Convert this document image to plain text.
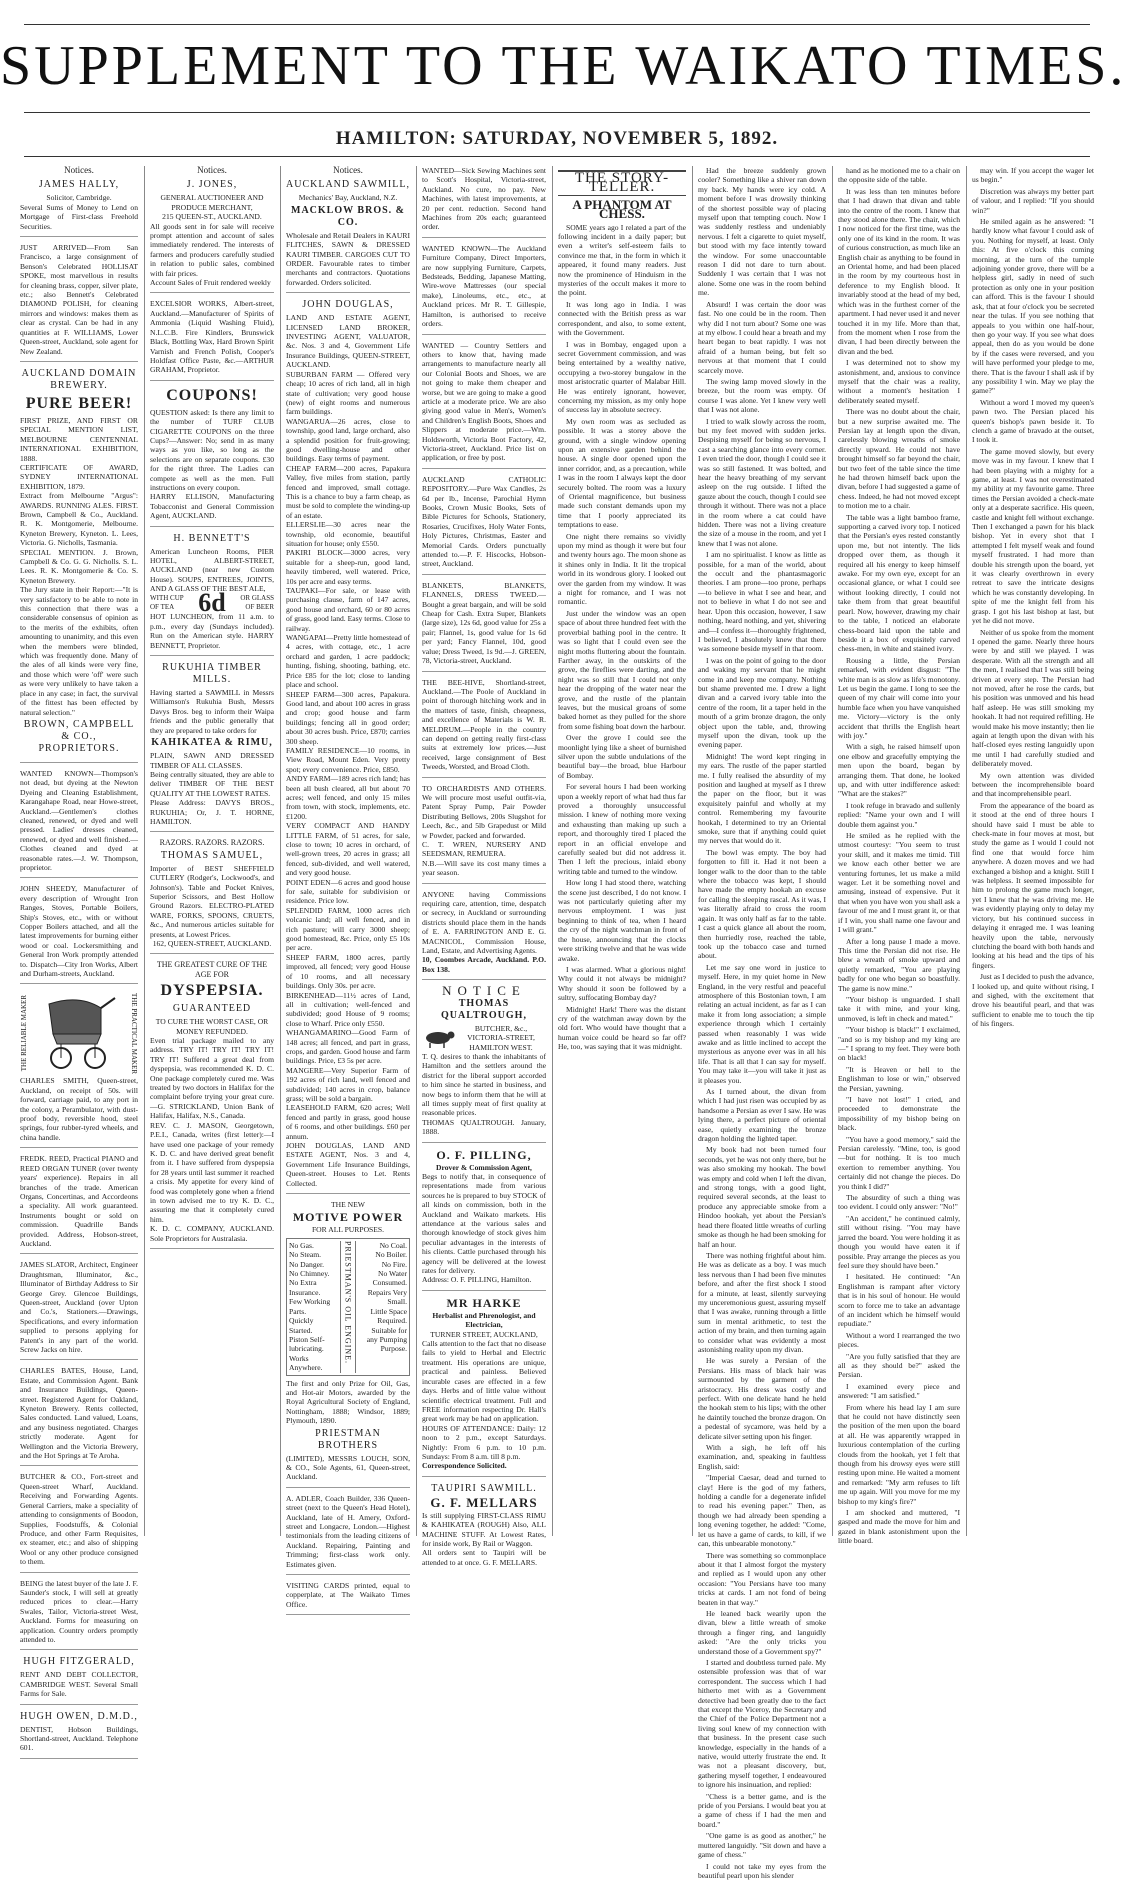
SUPPLEMENT TO THE WAIKATO TIMES.
HAMILTON: SATURDAY, NOVEMBER 5, 1892.
Notices.
JAMES HALLY,
Solicitor, Cambridge.

Several Sums of Money to Lend on Mortgage of First-class Freehold Securities.

JUST ARRIVED—From San Francisco, a large consignment of Benson's Celebrated HOLLISAT SPOKE, most marvellous in results for cleaning brass, copper, silver plate, etc.; also Bennett's Celebrated DIAMOND POLISH, for cleaning mirrors and windows: makes them as clear as crystal. Can be had in any quantities at F. WILLIAMS, Lower Queen-street, Auckland, sole agent for New Zealand.

AUCKLAND DOMAIN BREWERY.
PURE BEER!

FIRST PRIZE, AND FIRST OR SPECIAL MENTION LIST, MELBOURNE CENTENNIAL INTERNATIONAL EXHIBITION, 1888.

CERTIFICATE OF AWARD, SYDNEY INTERNATIONAL EXHIBITION, 1879.

Extract from Melbourne "Argus": AWARDS. RUNNING ALES. FIRST. Brown, Campbell & Co., Auckland. R. K. Montgomerie, Melbourne. Kyneton Brewery, Kyneton. L. Lees, Victoria. G. Nicholls, Tasmania.

SPECIAL MENTION. J. Brown, Campbell & Co. G. G. Nicholls. S. L. Lees. R. K. Montgomerie & Co. S. Kyneton Brewery.

The Jury state in their Report:—"It is very satisfactory to be able to note in this connection that there was a considerable consensus of opinion as to the merits of the exhibits, often amounting to unanimity, and this even when the members were blinded, which was frequently done. Many of the ales of all kinds were very fine, and those which were 'off' were such as were very unlikely to have taken a place in any case; in fact, the survival of the fittest has been effected by natural selection."

BROWN, CAMPBELL & CO., PROPRIETORS.

WANTED KNOWN—Thompson's not dead, but dyeing at the Newton Dyeing and Cleaning Establishment, Karangahape Road, near Howe-street, Auckland.—Gentlemen's clothes cleaned, renewed, or dyed and well pressed. Ladies' dresses cleaned, renewed, or dyed and well finished.—Clothes cleaned and dyed at reasonable rates.—J. W. Thompson, proprietor.

JOHN SHEEDY, Manufacturer of every description of Wrought Iron Ranges, Stoves, Portable Boilers, Ship's Stoves, etc., with or without Copper Boilers attached, and all the latest improvements for burning either wood or coal. Lockersmithing and General Iron Work promptly attended to. Dispatch—City Iron Works, Albert and Durham-streets, Auckland.

THE RELIABLE MAKER	THE PRACTICAL MAKER

CHARLES SMITH, Queen-street, Auckland, on receipt of 50s. will forward, carriage paid, to any port in the colony, a Perambulator, with dust-proof body, reversible hood, steel springs, four rubber-tyred wheels, and china handle.

FREDK. REED, Practical PIANO and REED ORGAN TUNER (over twenty years' experience). Repairs in all branches of the trade. American Organs, Concertinas, and Accordeons a speciality. All work guaranteed. Instruments bought or sold on commission. Quadrille Bands provided. Address, Hobson-street, Auckland.

JAMES SLATOR, Architect, Engineer Draughtsman, Illuminator, &c., Illuminator of Birthday Address to Sir George Grey. Glencoe Buildings, Queen-street, Auckland (over Upton and Co.'s, Stationers.—Drawings, Specifications, and every information supplied to persons applying for Patent's in any part of the world. Screw Jacks on hire.

CHARLES BATES, House, Land, Estate, and Commission Agent. Bank and Insurance Buildings, Queen-street. Registered Agent for Oakland, Kyneton Brewery. Rents collected, Sales conducted. Land valued, Loans, and any business negotiated. Charges strictly moderate. Agent for Wellington and the Victoria Brewery, and the Hot Springs at Te Aroha.

BUTCHER & CO., Fort-street and Queen-street Wharf, Auckland. Receiving and Forwarding Agents. General Carriers, make a speciality of attending to consignments of Boodon, Supplies, Foodstuffs, & Colonial Produce, and other Farm Requisites, ex steamer, etc.; and also of shipping Wool or any other produce consigned to them.

BEING the latest buyer of the late J. F. Saunder's stock, I will sell at greatly reduced prices to clear.—Harry Swales, Tailor, Victoria-street West, Auckland. Forms for measuring on application. Country orders promptly attended to.

HUGH FITZGERALD,

RENT AND DEBT COLLECTOR, CAMBRIDGE WEST. Several Small Farms for Sale.

HUGH OWEN, D.M.D.,

DENTIST, Hobson Buildings, Shortland-street, Auckland. Telephone 601.

Notices.
J. JONES,
GENERAL AUCTIONEER AND PRODUCE MERCHANT,
215 QUEEN-ST., AUCKLAND.

All goods sent in for sale will receive prompt attention and account of sales immediately rendered. The interests of farmers and producers carefully studied in relation to public sales, combined with fair prices.

Account Sales of Fruit rendered weekly

EXCELSIOR WORKS, Albert-street, Auckland.—Manufacturer of Spirits of Ammonia (Liquid Washing Fluid), N.L.C.B. Fire Kindlers, Brunswick Black, Bottling Wax, Hard Brown Spirit Varnish and French Polish, Cooper's Holdfast Office Paste, &c.—ARTHUR GRAHAM, Proprietor.

COUPONS!

QUESTION asked: Is there any limit to the number of TURF CLUB CIGARETTE COUPONS on the three Cups?—Answer: No; send in as many ways as you like, so long as the selections are on separate coupons. £30 for the right three. The Ladies can compete as well as the men. Full instructions on every coupon.

HARRY ELLISON, Manufacturing Tobacconist and General Commission Agent, AUCKLAND.

H. BENNETT'S

American Luncheon Rooms, PIER HOTEL, ALBERT-STREET, AUCKLAND (near new Custom House). SOUPS, ENTREES, JOINTS, AND A GLASS OF THE BEST ALE,

WITH CUP OF TEA 6d	OR GLASS OF BEER

HOT LUNCHEON, from 11 a.m. to p.m., every day (Sundays included). Run on the American style. HARRY BENNETT, Proprietor.

RUKUHIA TIMBER MILLS.

Having started a SAWMILL in Messrs Williamson's Rukuhia Bush, Messrs Davys Bros. beg to inform their Waipa friends and the public generally that they are prepared to take orders for

KAHIKATEA & RIMU,

PLAIN, SAWN AND DRESSED TIMBER OF ALL CLASSES.

Being centrally situated, they are able to deliver TIMBER OF THE BEST QUALITY AT THE LOWEST RATES.

Please Address: DAVYS BROS., RUKUHIA; Or, J. T. HORNE, HAMILTON.

RAZORS. RAZORS. RAZORS.
THOMAS SAMUEL,

Importer of BEST SHEFFIELD CUTLERY (Rodger's, Lockwood's, and Johnson's). Table and Pocket Knives, Superior Scissors, and Best Hollow Ground Razors. ELECTRO-PLATED WARE, FORKS, SPOONS, CRUETS, &c., And numerous articles suitable for presents, at Lowest Prices.

162, QUEEN-STREET, AUCKLAND.
THE GREATEST CURE OF THE AGE FOR
DYSPEPSIA.
GUARANTEED
TO CURE THE WORST CASE, OR MONEY REFUNDED.

Even trial package mailed to any address. TRY IT! TRY IT! TRY IT! TRY IT! Suffered a great deal from dyspepsia, was recommended K. D. C. One package completely cured me. Was treated by two doctors in Halifax for the complaint before trying your great cure.—G. STRICKLAND, Union Bank of Halifax, Halifax, N.S., Canada.

REV. C. J. MASON, Georgetown, P.E.I., Canada, writes (first letter):—I have used one package of your remedy K. D. C. and have derived great benefit from it. I have suffered from dyspepsia for 28 years until last summer it reached a crisis. My appetite for every kind of food was completely gone when a friend in town advised me to try K. D. C., assuring me that it completely cured him.

K. D. C. COMPANY, AUCKLAND. Sole Proprietors for Australasia.

Notices.
AUCKLAND SAWMILL,
Mechanics' Bay, Auckland, N.Z.
MACKLOW BROS. & CO.

Wholesale and Retail Dealers in KAURI FLITCHES, SAWN & DRESSED KAURI TIMBER. CARGOES CUT TO ORDER. Favourable rates to timber merchants and contractors. Quotations forwarded. Orders solicited.

JOHN DOUGLAS,

LAND AND ESTATE AGENT, LICENSED LAND BROKER, INVESTING AGENT, VALUATOR, &c. Nos. 3 and 4, Government Life Insurance Buildings, QUEEN-STREET, AUCKLAND.

SUBURBAN FARM — Offered very cheap; 10 acres of rich land, all in high state of cultivation; very good house (new) of eight rooms and numerous farm buildings.

WANGARUA—26 acres, close to township, good land, large orchard, also a splendid position for fruit-growing; good dwelling-house and other buildings. Easy terms of payment.

CHEAP FARM—200 acres, Papakura Valley, five miles from station, partly fenced and improved, small cottage. This is a chance to buy a farm cheap, as must be sold to complete the winding-up of an estate.

ELLERSLIE—30 acres near the township, old economie, beautiful situation for house; only £550.

PAKIRI BLOCK—3000 acres, very suitable for a sheep-run, good land, heavily timbered, well watered. Price, 10s per acre and easy terms.

TAUPAKI—For sale, or lease with purchasing clause, farm of 147 acres, good house and orchard, 60 or 80 acres of grass, good land. Easy terms. Close to railway.

WANGAPAI—Pretty little homestead of 4 acres, with cottage, etc., 1 acre orchard and garden, 1 acre paddock; hunting, fishing, shooting, bathing, etc. Price £85 for the lot; close to landing place and school.

SHEEP FARM—300 acres, Papakura. Good land, and about 100 acres in grass and crop; good house and farm buildings; fencing all in good order; about 30 acres bush. Price, £870; carries 300 sheep.

FAMILY RESIDENCE—10 rooms, in View Road, Mount Eden. Very pretty spot; every convenience. Price, £850.

ANDY FARM—189 acres rich land; has been all bush cleared, all but about 70 acres; well fenced, and only 15 miles from town, with stock, implements, etc. £1200.

VERY COMPACT AND HANDY LITTLE FARM, of 51 acres, for sale, close to town; 10 acres in orchard, of well-grown trees, 20 acres in grass; all fenced, sub-divided, and well watered, and very good house.

POINT EDEN—6 acres and good house for sale, suitable for subdivision or residence. Price low.

SPLENDID FARM, 1000 acres rich volcanic land; all well fenced, and in rich pasture; will carry 3000 sheep; good homestead, &c. Price, only £5 10s per acre.

SHEEP FARM, 1800 acres, partly improved, all fenced; very good House of 10 rooms, and all necessary buildings. Only 30s. per acre.

BIRKENHEAD—11½ acres of Land, all in cultivation; well-fenced and subdivided; good House of 9 rooms; close to Wharf. Price only £550.

WHANGAMARINO—Good Farm of 148 acres; all fenced, and part in grass, crops, and garden. Good house and farm buildings. Price, £3 5s per acre.

MANGERE—Very Superior Farm of 192 acres of rich land, well fenced and subdivided; 140 acres in crop, balance grass; will be sold a bargain.

LEASEHOLD FARM, 620 acres; Well fenced and partly in grass, good house of 6 rooms, and other buildings. £60 per annum.

JOHN DOUGLAS, LAND AND ESTATE AGENT, Nos. 3 and 4, Government Life Insurance Buildings, Queen-street. Houses to Let. Rents Collected.

THE NEW
MOTIVE POWER
FOR ALL PURPOSES.
No Gas.
No Steam.
No Danger.
No Chimney.
No Extra Insurance.
Few Working Parts.
Quickly Started.
Piston Self-lubricating.
Works Anywhere.
PRIESTMAN'S OIL ENGINE.	No Coal.
No Boiler.
No Fire.
No Water Consumed.
Repairs Very Small.
Little Space Required.
Suitable for any Pumping Purpose.

The first and only Prize for Oil, Gas, and Hot-air Motors, awarded by the Royal Agricultural Society of England, Nottingham, 1888; Windsor, 1889; Plymouth, 1890.

PRIESTMAN BROTHERS

(LIMITED), MESSRS LOUCH, SON, & CO., Sole Agents, 61, Queen-street, Auckland.

A. ADLER, Coach Builder, 336 Queen-street (next to the Queen's Head Hotel), Auckland, late of H. Amery, Oxford-street and Longacre, London.—Highest testimonials from the leading citizens of Auckland. Repairing, Painting and Trimming; first-class work only. Estimates given.

VISITING CARDS printed, equal to copperplate, at The Waikato Times Office.

WANTED—Sick Sewing Machines sent to Scott's Hospital, Victoria-street, Auckland. No cure, no pay. New Machines, with latest improvements, at 20 per cent. reduction. Second hand Machines from 20s each; guaranteed order.

WANTED KNOWN—The Auckland Furniture Company, Direct Importers, are now supplying Furniture, Carpets, Bedsteads, Bedding, Japanese Matting, Wire-wove Mattresses (our special make), Linoleums, etc., etc., at Auckland prices. Mr R. T. Gillespie, Hamilton, is authorised to receive orders.

WANTED — Country Settlers and others to know that, having made arrangements to manufacture nearly all our Colonial Boots and Shoes, we are not going to make them cheaper and worse, but we are going to make a good article at a moderate price. We are also giving good value in Men's, Women's and Children's English Boots, Shoes and Slippers at moderate price.—Wm. Holdsworth, Victoria Boot Factory, 42, Victoria-street, Auckland. Price list on application, or free by post.

AUCKLAND CATHOLIC REPOSITORY.—Pure Wax Candles, 2s 6d per lb., Incense, Parochial Hymn Books, Crown Music Books, Sets of Bible Pictures for Schools, Stationery, Rosaries, Crucifixes, Holy Water Fonts, Holy Pictures, Christmas, Easter and Memorial Cards. Orders punctually attended to.—P. F. Hiscocks, Hobson-street, Auckland.

BLANKETS, BLANKETS, FLANNELS, DRESS TWEED.—Bought a great bargain, and will be sold Cheap for Cash. Extra Super, Blankets (large size), 12s 6d, good value for 25s a pair; Flannel, 1s, good value for 1s 6d per yard; Fancy Flannel, 10d, good value; Dress Tweed, 1s 9d.—J. GREEN, 78, Victoria-street, Auckland.

THE BEE-HIVE, Shortland-street, Auckland.—The Poole of Auckland in point of thorough hitching work and in the matters of taste, finish, cheapness, and excellence of Materials is W. R. MELDRUM.—People in the country can depend on getting really first-class suits at extremely low prices.—Just received, large consignment of Best Tweeds, Worsted, and Broad Cloth.

TO ORCHARDISTS AND OTHERS. We will procure most useful outfit-via, Patent Spray Pump, Pair Powder Distributing Bellows, 200s Slugshot for Leech, &c., and 5lb Grapedust or Mild w Powder, packed and forwarded.

C. T. WREN, NURSERY AND SEEDSMAN, REMUERA.

N.B.—Will save its cost many times a year season.

ANYONE having Commissions requiring care, attention, time, despatch or secrecy, in Auckland or surrounding districts should place them in the hands of E. A. FARRINGTON AND E. G. MACNICOL, Commission House, Land, Estate, and Advertising Agents.

10, Coombes Arcade, Auckland. P.O. Box 138.

NOTICE
THOMAS QUALTROUGH,
BUTCHER, &c., VICTORIA-STREET, HAMILTON WEST.

T. Q. desires to thank the inhabitants of Hamilton and the settlers around the district for the liberal support accorded to him since he started in business, and now begs to inform them that he will at all times supply meat of first quality at reasonable prices.

THOMAS QUALTROUGH. January, 1888.

O. F. PILLING,
Drover & Commission Agent,

Begs to notify that, in consequence of representations made from various sources he is prepared to buy STOCK of all kinds on commission, both in the Auckland and Waikato markets. His attendance at the various sales and thorough knowledge of stock gives him peculiar advantages in the interests of his clients. Cattle purchased through his agency will be delivered at the lowest rates for delivery.

Address: O. F. PILLING, Hamilton.

MR HARKE
Herbalist and Phrenologist, and Electrician,
TURNER STREET, AUCKLAND,

Calls attention to the fact that no disease fails to yield to Herbal and Electric treatment. His operations are unique, practical and painless. Believed incurable cases are effected in a few days. Herbs and of little value without scientific electrical treatment. Full and FREE information respecting Dr. Hall's great work may be had on application.

HOURS OF ATTENDANCE: Daily: 12 noon to 2 p.m., except Saturdays. Nightly: From 6 p.m. to 10 p.m. Sundays: From 8 a.m. till 8 p.m.

Correspondence Solicited.

TAUPIRI SAWMILL.
G. F. MELLARS

Is still supplying FIRST-CLASS RIMU & KAHIKATEA (ROUGH) Also, ALL MACHINE STUFF. At Lowest Rates, for inside work, By Rail or Waggon.

All orders sent to Taupiri will be attended to at once. G. F. MELLARS.

THE STORY-TELLER.
A PHANTOM AT CHESS.

SOME years ago I related a part of the following incident in a daily paper; but even a writer's self-esteem fails to convince me that, in the form in which it appeared, it found many readers. Just now the prominence of Hinduism in the mysteries of the occult makes it more to the point.

It was long ago in India. I was connected with the British press as war correspondent, and also, to some extent, with the Government.

I was in Bombay, engaged upon a secret Government commission, and was being entertained by a wealthy native, occupying a two-storey bungalow in the most aristocratic quarter of Malabar Hill. He was entirely ignorant, however, concerning my mission, as my only hope of success lay in absolute secrecy.

My own room was as secluded as possible. It was a storey above the ground, with a single window opening upon an extensive garden behind the house. A single door opened upon the inner corridor, and, as a precaution, while I was in the room I always kept the door securely bolted. The room was a luxury of Oriental magnificence, but business made such constant demands upon my time that I poorly appreciated its temptations to ease.

One night there remains so vividly upon my mind as though it were but four and twenty hours ago. The moon shone as it shines only in India. It lit the tropical world in its wondrous glory. I looked out over the garden from my window. It was a night for romance, and I was not romantic.

Just under the window was an open space of about three hundred feet with the proverbial bathing pool in the centre. It was so light that I could even see the night moths fluttering about the fountain. Farther away, in the outskirts of the grove, the fireflies were darting, and the night was so still that I could not only hear the dropping of the water near the grove, and the rustle of the plantain leaves, but the musical groans of some baked hornet as they pulled for the shore from some fishing boat down the harbour.

Over the grove I could see the moonlight lying like a sheet of burnished silver upon the subtle undulations of the beautiful bay—the broad, blue Harbour of Bombay.

For several hours I had been working upon a weekly report of what had thus far proved a thoroughly unsuccessful mission. I knew of nothing more vexing and exhausting than making up such a report, and thoroughly tired I placed the report in an official envelope and carefully sealed but did not address it. Then I left the precious, inlaid ebony writing table and turned to the window.

How long I had stood there, watching the scene just described, I do not know. I was not particularly quieting after my nervous employment. I was just beginning to think of tea, when I heard the cry of the night watchman in front of the house, announcing that the clocks were striking twelve and that he was wide awake.

I was alarmed. What a glorious night! Why could it not always be midnight? Why should it soon be followed by a sultry, suffocating Bombay day?

Midnight! Hark! There was the distant cry of the watchman away down by the old fort. Who would have thought that a human voice could be heard so far off? He, too, was saying that it was midnight.

Had the breeze suddenly grown cooler? Something like a shiver ran down my back. My hands were icy cold. A moment before I was drowsily thinking of the shortest possible way of placing myself upon that tempting couch. Now I was suddenly restless and undeniably nervous. I felt a cigarette to quiet myself, but stood with my face intently toward the window. For some unaccountable reason I did not dare to turn about. Suddenly I was certain that I was not alone. Some one was in the room behind me.

Absurd! I was certain the door was fast. No one could be in the room. Then why did I not turn about? Some one was at my elbow. I could hear a breath and my heart began to beat rapidly. I was not afraid of a human being, but felt so nervous at that moment that I could scarcely move.

The swing lamp moved slowly in the breeze, but the room was empty. Of course I was alone. Yet I knew very well that I was not alone.

I tried to walk slowly across the room, but my feet moved with sudden jerks. Despising myself for being so nervous, I cast a searching glance into every corner. I even tried the door, though I could see it was so still fastened. It was bolted, and hear the heavy breathing of my servant asleep on the rug outside. I lifted the gauze about the couch, though I could see through it without. There was not a place in the room where a cat could have hidden. There was not a living creature the size of a mouse in the room, and yet I knew that I was not alone.

I am no spiritualist. I know as little as possible, for a man of the world, about the occult and the phantasmagoric theories. I am prone—too prone, perhaps—to believe in what I see and hear, and not to believe in what I do not see and hear. Upon this occasion, however, I saw nothing, heard nothing, and yet, shivering and—I confess it—thoroughly frightened, I believed, I absolutely knew that there was someone beside myself in that room.

I was on the point of going to the door and waking my servant that he might come in and keep me company. Nothing but shame prevented me. I drew a light divan and a carved ivory table into the centre of the room, lit a taper held in the mouth of a grim bronze dragon, the only object upon the table, and, throwing myself upon the divan, took up the evening paper.

Midnight! The word kept ringing in my ears. The rustle of the paper startled me. I fully realised the absurdity of my position and laughed at myself as I threw the paper on the floor, but it was exquisitely painful and wholly at my control. Remembering my favourite hookah, I determined to try an Oriental smoke, sure that if anything could quiet my nerves that would do it.

The bowl was empty. The boy had forgotten to fill it. Had it not been a longer walk to the door than to the table where the tobacco was kept, I should have made the empty hookah an excuse for calling the sleeping rascal. As it was, I was literally afraid to cross the room again. It was only half as far to the table. I cast a quick glance all about the room, then hurriedly rose, reached the table, took up the tobacco case and turned about.

Let me say one word in justice to myself. Here, in my quiet home in New England, in the very restful and peaceful atmosphere of this Bostonian town, I am relating an actual incident, as far as I can make it from long association; a simple experience through which I certainly passed when reasonably I was wide awake and as little inclined to accept the mysterious as anyone ever was in all his life. That is all that I can say for myself. You may take it—you will take it just as it pleases you.

As I turned about, the divan from which I had just risen was occupied by as handsome a Persian as ever I saw. He was lying there, a perfect picture of oriental ease, quietly examining the bronze dragon holding the lighted taper.

My book had not been turned four seconds, yet he was not only there, but he was also smoking my hookah. The bowl was empty and cold when I left the divan, and strong tongs, with a good light, required several seconds, at the least to produce any appreciable smoke from a Hindoo hookah, yet about the Persian's head there floated little wreaths of curling smoke as though he had been smoking for half an hour.

There was nothing frightful about him. He was as delicate as a boy. I was much less nervous than I had been five minutes before, and after the first shock I stood for a minute, at least, silently surveying my unceremonious guest, assuring myself that I was awake, running through a little sum in mental arithmetic, to test the action of my brain, and then turning again to consider what was evidently a most astonishing reality upon my divan.

He was surely a Persian of the Persians. His mass of black hair was surmounted by the garment of the aristocracy. His dress was costly and perfect. With one delicate hand he held the hookah stem to his lips; with the other he daintily touched the bronze dragon. On a pedestal of sycamore, was held by a delicate silver setting upon his finger.

With a sigh, he left off his examination, and, speaking in faultless English, said:

"Imperial Caesar, dead and turned to clay! Here is the god of my fathers, holding a candle for a degenerate infidel to read his evening paper." Then, as though we had already been spending a long evening together, he added: "Come, let us have a game of cards, to kill, if we can, this unbearable monotony."

There was something so commonplace about it that I almost forgot the mystery and replied as I would upon any other occasion: "You Persians have too many tricks at cards. I am not fond of being beaten in that way."

He leaned back wearily upon the divan, blew a little wreath of smoke through a finger ring, and languidly asked: "Are the only tricks you understand those of a Government spy?"

I started and doubtless turned pale. My ostensible profession was that of war correspondent. The success which I had hitherto met with as a Government detective had been greatly due to the fact that except the Viceroy, the Secretary and the Chief of the Police Department not a living soul knew of my connection with that business. In the present case such knowledge, especially in the hands of a native, would utterly frustrate the end. It was not a pleasant discovery, but, gathering myself together, I endeavoured to ignore his insinuation, and replied:

"Chess is a better game, and is the pride of you Persians. I would beat you at a game of chess if I had the men and board."

"One game is as good as another," he muttered languidly. "Sit down and have a game of chess."

I could not take my eyes from the beautiful pearl upon his slender

hand as he motioned me to a chair on the opposite side of the table.

It was less than ten minutes before that I had drawn that divan and table into the centre of the room. I knew that they stood alone there. The chair, which I now noticed for the first time, was the only one of its kind in the room. It was of curious construction, as much like an English chair as anything to be found in an Oriental home, and had been placed in the room by my courteous host in deference to my English blood. It invariably stood at the head of my bed, which was in the furthest corner of the apartment. I had never used it and never touched it in my life. More than that, from the moment when I rose from the divan, I had been directly between the divan and the bed.

I was determined not to show my astonishment, and, anxious to convince myself that the chair was a reality, without a moment's hesitation I deliberately seated myself.

There was no doubt about the chair, but a new surprise awaited me. The Persian lay at length upon the divan, carelessly blowing wreaths of smoke directly upward. He could not have brought himself so far beyond the chair, but two feet of the table since the time he had thrown himself back upon the divan, before I had suggested a game of chess. Indeed, he had not moved except to motion me to a chair.

The table was a light bamboo frame, supporting a carved ivory top. I noticed that the Persian's eyes rested constantly upon me, but not intently. The lids dropped over them, as though it required all his energy to keep himself awake. For my own eye, except for an occasional glance, or what I could see without looking directly, I could not take them from that great beautiful pearl. Now, however, drawing my chair to the table, I noticed an elaborate chess-board laid upon the table and beside it a box of exquisitely carved chess-men, in white and stained ivory.

Rousing a little, the Persian remarked, with evident disgust: "The white man is as slow as life's monotony. Let us begin the game. I long to see the queen of my chair will come into your humble face when you have vanquished me. Victory—victory is the only accident that thrills the English heart with joy."

With a sigh, he raised himself upon one elbow and gracefully emptying the men upon the board, began by arranging them. That done, he looked up, and with utter indifference asked: "What are the stakes?"

I took refuge in bravado and sullenly replied: "Name your own and I will double them against you."

He smiled as he replied with the utmost courtesy: "You seem to trust your skill, and it makes me timid. Till we know each other better we are venturing fortunes, let us make a mild wager. Let it be something novel and amusing, instead of expensive. Put it that when you have won you shall ask a favour of me and I must grant it, or that if I win, you shall name one favour and I will grant."

After a long pause I made a move. This time the Persian did not rise. He blew a wreath of smoke upward and quietly remarked, "You are playing badly for one who began so boastfully. The game is now mine."

"Your bishop is unguarded. I shall take it with mine, and your king, unmoved, is left in check and mated."

"Your bishop is black!" I exclaimed, "and so is my bishop and my king are—" I sprang to my feet. They were both on black!

"It is Heaven or hell to the Englishman to lose or win," observed the Persian, yawning.

"I have not lost!" I cried, and proceeded to demonstrate the impossibility of my bishop being on black.

"You have a good memory," said the Persian carelessly. "Mine, too, is good—but for nothing. It is too much exertion to remember anything. You certainly did not change the pieces. Do you think I did?"

The absurdity of such a thing was too evident. I could only answer: "No!"

"An accident," he continued calmly, still without rising. "You may have jarred the board. You were holding it as though you would have eaten it if possible. Pray arrange the pieces as you feel sure they should have been."

I hesitated. He continued: "An Englishman is rampant after victory that is in his soul of honour. He would scorn to force me to take an advantage of an incident which he himself would repudiate."

Without a word I rearranged the two pieces.

"Are you fully satisfied that they are all as they should be?" asked the Persian.

I examined every piece and answered: "I am satisfied."

From where his head lay I am sure that he could not have distinctly seen the position of the men upon the board at all. He was apparently wrapped in luxurious contemplation of the curling clouds from the hookah, yet I felt that though from his drowsy eyes were still resting upon mine. He waited a moment and remarked: "My arm refuses to lift me up again. Will you move for me my bishop to my king's fire?"

I am shocked and muttered, "I gasped and made the move for him and gazed in blank astonishment upon the little board.

may win. If you accept the wager let us begin."

Discretion was always my better part of valour, and I replied: "If you should win?"

He smiled again as he answered: "I hardly know what favour I could ask of you. Nothing for myself, at least. Only this: At five o'clock this coming morning, at the turn of the tumple adjoining yonder grove, there will be a helpless girl, sadly in need of such protection as only one in your position can afford. This is the favour I should ask, that at four o'clock you be secreted near the tulas. If you see nothing that appeals to you within one half-hour, then go your way. If you see what does appeal, then do as you would be done by if the cases were reversed, and you will have performed your pledge to me, there. That is the favour I shall ask if by any possibility I win. May we play the game?"

Without a word I moved my queen's pawn two. The Persian placed his queen's bishop's pawn beside it. To clench a game of bravado at the outset, I took it.

The game moved slowly, but every move was in my favour. I knew that I had been playing with a mighty for a game, at least. I was not overestimated my ability at my favourite game. Three times the Persian avoided a check-mate only at a desperate sacrifice. His queen, castle and knight fell without exchange. Then I exchanged a pawn for his black bishop. Yet in every shot that I attempted I felt myself weak and found myself frustrated. I had more than double his strength upon the board, yet it was clearly overthrown in every retreat to save the intricate designs which he was constantly developing. In spite of me the knight fell from his grasp. I got his last bishop at last, but yet he did not move.

Neither of us spoke from the moment I opened the game. Nearly three hours were by and still we played. I was desperate. With all the strength and all the men, I realised that I was still being driven at every step. The Persian had not moved, after he rose the cards, but his position was unmoved and his head half asleep. He was still smoking my hookah. It had not required refilling. He would make his move instantly; then lie again at length upon the divan with his half-closed eyes resting languidly upon me until I had carefully studied and deliberately moved.

My own attention was divided between the incomprehensible board and that incomprehensible pearl.

From the appearance of the board as it stood at the end of three hours I should have said I must be able to check-mate in four moves at most, but study the game as I would I could not find one that would force him anywhere. A dozen moves and we had exchanged a bishop and a knight. Still I was helpless. It seemed impossible for him to prolong the game much longer, yet I knew that he was driving me. He was evidently playing only to delay my victory, but his continued success in delaying it enraged me. I was leaning heavily upon the table, nervously clutching the board with both hands and looking at his head and the tips of his fingers.

Just as I decided to push the advance, I looked up, and quite without rising, I and sighed, with the excitement that drove his beautiful pearl, and that was sufficient to enable me to touch the tip of his fingers.
